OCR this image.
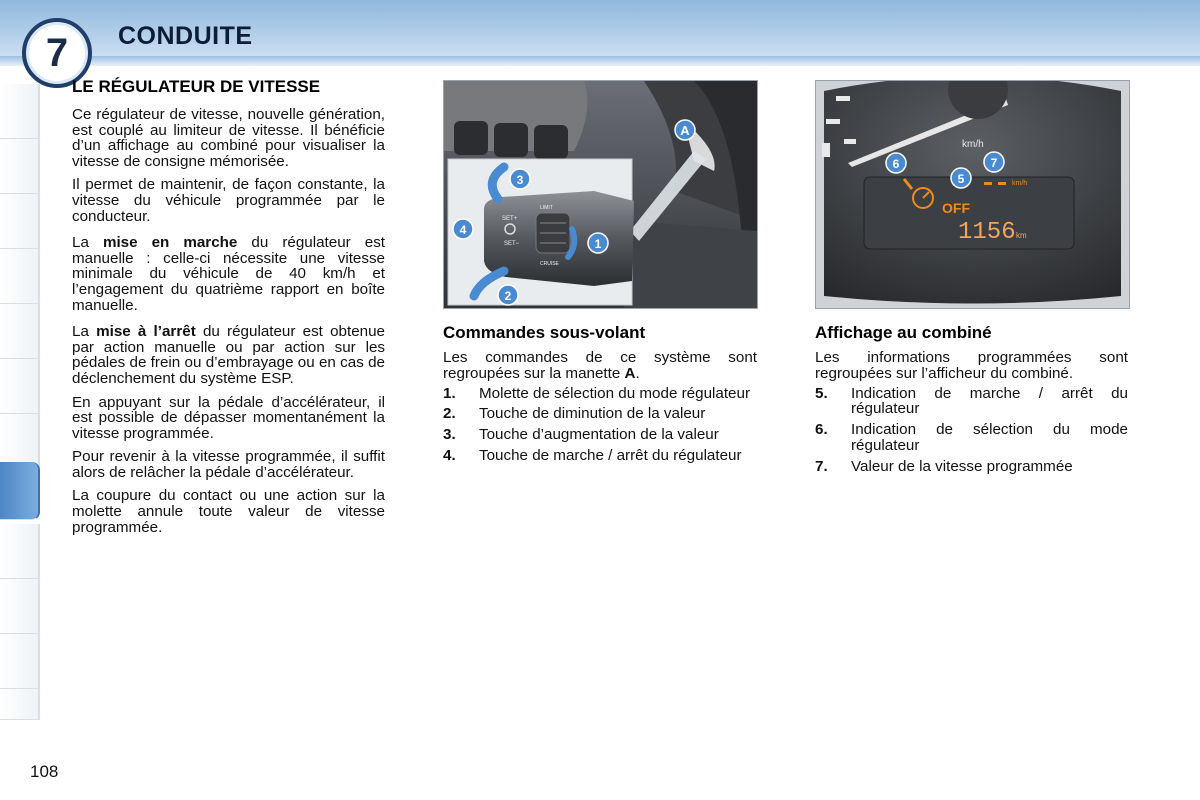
7	CONDUITE
LE RÉGULATEUR DE VITESSE

Ce régulateur de vitesse, nouvelle génération, est couplé au limiteur de vitesse. Il bénéficie d’un affichage au combiné pour visualiser la vitesse de consigne mémorisée.

Il permet de maintenir, de façon constante, la vitesse du véhicule programmée par le conducteur.

La mise en marche du régulateur est manuelle : celle-ci nécessite une vitesse minimale du véhicule de 40 km/h et l’engagement du quatrième rapport en boîte manuelle.

La mise à l’arrêt du régulateur est obtenue par action manuelle ou par action sur les pédales de frein ou d’embrayage ou en cas de déclenchement du système ESP.

En appuyant sur la pédale d’accélérateur, il est possible de dépasser momentanément la vitesse programmée.

Pour revenir à la vitesse programmée, il suffit alors de relâcher la pédale d’accélérateur.

La coupure du contact ou une action sur la molette annule toute valeur de vitesse programmée.

SET+
SET−
LIMIT
CRUISE
A
1
2
3
4
Commandes sous-volant
Les commandes de ce système sont regroupées sur la manette A.
1.	Molette de sélection du mode régulateur
2.	Touche de diminution de la valeur
3.	Touche d’augmentation de la valeur
4.	Touche de marche / arrêt du régulateur
km/h
OFF
km/h
1156 km
5
6	7
Affichage au combiné
Les informations programmées sont regroupées sur l’afficheur du combiné.
5.	Indication de marche / arrêt du régulateur
6.	Indication de sélection du mode régulateur
7.	Valeur de la vitesse programmée
108
